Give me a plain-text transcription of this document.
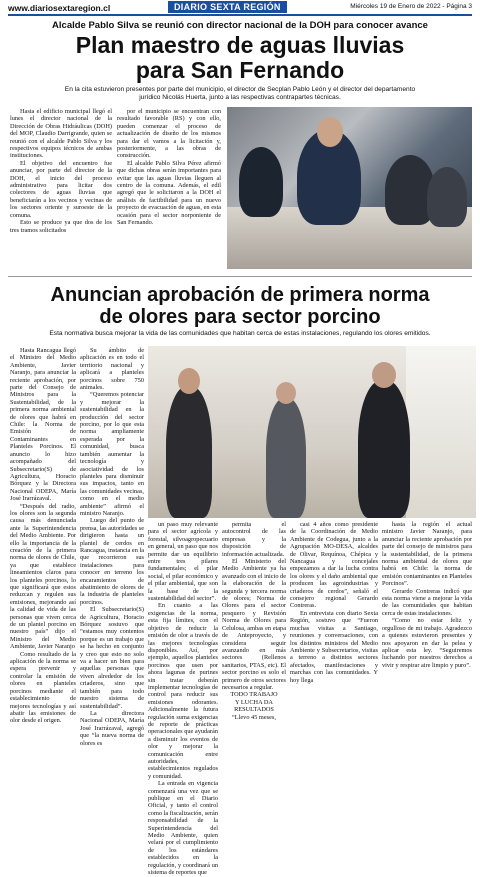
www.diariosextaregion.cl	DIARIO SEXTA REGIÓN	Miércoles 19 de Enero de 2022 - Página 3
Alcalde Pablo Silva se reunió con director nacional de la DOH para conocer avance
Plan maestro de aguas lluvias
para San Fernando
En la cita estuvieron presentes por parte del municipio, el director de Secplan Pablo León y el director del departamento
jurídico Nicolás Huerta, junto a las respectivas contrapartes técnicas.

Hasta el edificio municipal llegó el lunes el director nacional de la Dirección de Obras Hidráulicas (DOH) del MOP, Claudio Darrigrande, quien se reunió con el alcalde Pablo Silva y los respectivos equipos técnicos de ambas instituciones.

El objetivo del encuentro fue anunciar, por parte del director de la DOH, el inicio del proceso administrativo para licitar dos colectores de aguas lluvias que beneficiarán a los vecinos y vecinas de los sectores oriente y suroeste de la comuna.

Esto se produce ya que dos de los tres tramos solicitados

por el municipio se encuentran con resultado favorable (RS) y con ello, pueden comenzar el proceso de actualización de diseño de los mismos para dar el vamos a la licitación y, posteriormente, a las obras de construcción.

El alcalde Pablo Silva Pérez afirmó que dichas obras serán importantes para evitar que las aguas lluvias lleguen al centro de la comuna. Además, el edil agregó que le solicitaron a la DOH el análisis de factibilidad para un nuevo proyecto de evacuación de aguas, en esta ocasión para el sector norponiente de San Fernando.

Anuncian aprobación de primera norma
de olores para sector porcino
Esta normativa busca mejorar la vida de las comunidades que habitan cerca de estas instalaciones, regulando los olores emitidos.

Hasta Rancagua llegó el Ministro del Medio Ambiente, Javier Naranjo, para anunciar la reciente aprobación, por parte del Consejo de Ministros para la Sustentabilidad, de la primera norma ambiental de olores que habrá en Chile: la Norma de Emisión de Contaminantes en Planteles Porcinos. El anuncio lo hizo acompañado del Subsecretario(S) de Agricultura, Horacio Bórquez y la Directora Nacional ODEPA, María José Irarrázaval.

“Después del radio, los olores son la segunda causa más denunciada ante la Superintendencia del Medio Ambiente. Por ello la importancia de la creación de la primera norma de olores de Chile, ya que establece lineamientos claros para los planteles porcinos, lo que significará que estos reduzcan y regulen sus emisiones, mejorando así la calidad de vida de las personas que viven cerca de un plantel porcino en nuestro país” dijo el Ministro del Medio Ambiente, Javier Naranjo

Como resultado de la aplicación de la norma se espera prevenir y controlar la emisión de olores en planteles porcinos mediante el establecimiento de mejores tecnologías y así abatir las emisiones de olor desde el origen.

Su ámbito de aplicación es en todo el territorio nacional y aplicará a planteles porcinos sobre 750 animales.

“Queremos potenciar y mejorar la sustentabilidad en la producción del sector porcino, por lo que esta norma ampliamente esperada por la comunidad, busca también aumentar la tecnología y asociatividad de los planteles para disminuir sus impactos, tanto en las comunidades vecinas, como en el medio ambiente” afirmó el ministro Naranjo.

Luego del punto de prensa, las autoridades se dirigieron hasta un plantel de cerdos en Rancagua, instancia en la que recorrieron sus instalaciones para conocer en terreno los encaramientos de abatimiento de olores de la industria de planteles porcinos.

El Subsecretario(S) de Agricultura, Horacio Bórquez sostuvo que “estamos muy contentos porque es un trabajo que se ha hecho en conjunto y creo que esto no solo va a hacer un bien para aquellas personas que viven alrededor de los criaderos, sino que también para todo nuestro sistema de sustentabilidad”.

La directora Nacional ODEPA, María José Irarrázaval, agregó que “la nueva norma de olores es

un paso muy relevante para el sector agrícola y forestal, silvoagropecuario en general, un paso que nos permite dar un equilibrio entre tres pilares fundamentales; el pilar social, el pilar económico y el pilar ambiental, que son la base de la sustentabilidad del sector”.

En cuanto a las exigencias de la norma, esta fija límites, con el objetivo de reducir la emisión de olor a través de las mejores tecnologías disponibles. Así, por ejemplo, aquellos planteles porcinos que usen por ahora lagunas de purines sin tratar deberán implementar tecnologías de control para reducir sus emisiones odorantes. Adicionalmente la futura regulación suma exigencias de reporte de prácticas operacionales que ayudarán a disminuir los eventos de olor y mejorar la comunicación entre autoridades, establecimientos regulados y comunidad.

La entrada en vigencia comenzará una vez que se publique en el Diario Oficial, y tanto el control como la fiscalización, serán responsabilidad de la Superintendencia del Medio Ambiente, quien velará por el cumplimiento de los estándares establecidos en la regulación, y coordinará un sistema de reportes que

permita el autocontrol de las empresas y la disposición de información actualizada.

El Ministerio del Medio Ambiente ya ha avanzado con el inicio de la elaboración de la segunda y tercera norma de olores; Norma de Olores para el sector pesquero y Revisión Norma de Olores para Celulosa, ambas en etapa de Anteproyecto, y considera seguir avanzando en más sectores (Rellenos sanitarios, PTAS, etc). El sector porcino es solo el primero de otros sectores necesarios a regular.

TODO TRABAJO

Y LUCHA DA

RESULTADOS

“Llevo 45 meses,

casi 4 años como presidente de la Coordinación de Medio Ambiente de Codegua, junto a la Agrupación MO-DESA, alcaldes de Olivar, Requínoa, Chépica y Nancagua y concejales empezamos a dar la lucha contra los olores y el daño ambiental que producen las agroindustrias y criaderos de cerdos”, señaló el consejero regional Gerardo Contreras.

En entrevista con diario Sexta Región, sostuvo que “Fueron muchas visitas a Santiago, reuniones y conversaciones, con los distintos ministros del Medio Ambiente y Subsecretarios, visitas a terreno a distintos sectores afectados, manifestaciones y marchas con las comunidades. Y hoy llega

hasta la región el actual ministro Javier Naranjo, para anunciar la reciente aprobación por parte del consejo de ministros para la sustentabilidad, de la primera norma ambiental de olores que habrá en Chile: la norma de emisión contaminantes en Planteles Porcinos”.

Gerardo Contreras indicó que esta norma viene a mejorar la vida de las comunidades que habitan cerca de estas instalaciones.

“Como no estar feliz y orgulloso de mi trabajo. Agradezco a quienes estuvieron presentes y nos apoyaron en dar la pelea y aplicar esta ley. “Seguiremos luchando por nuestros derechos a vivir y respirar aire limpio y puro”.
